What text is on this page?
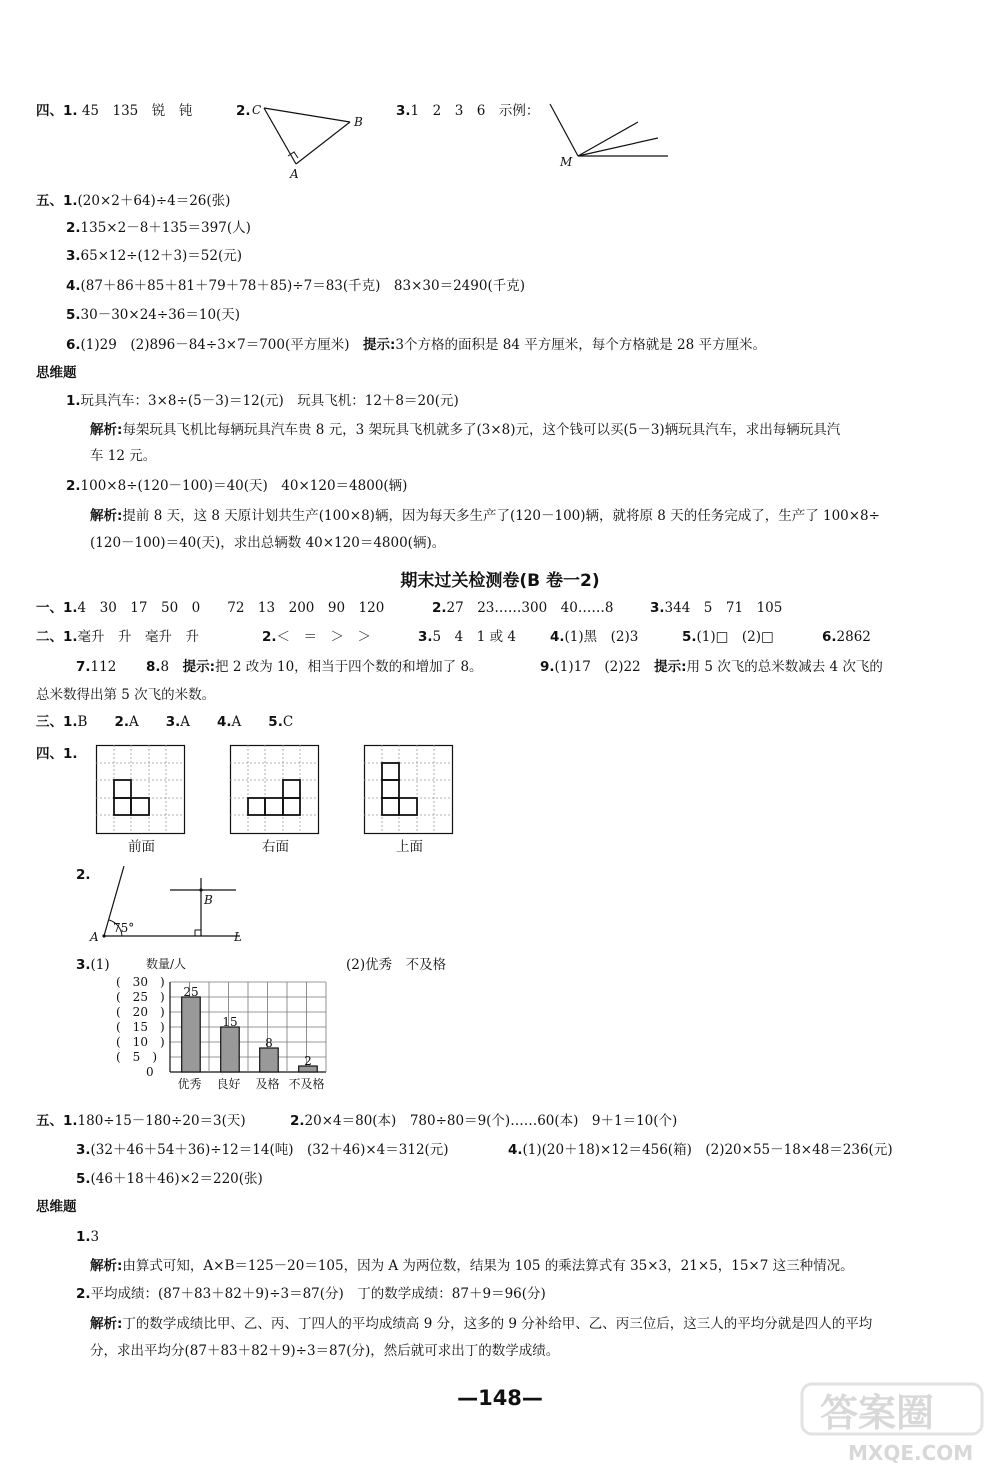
四、1. 45　135　锐　钝	2. C
B
A
3.1　2　3　6　示例：
M
五、1.(20×2＋64)÷4＝26(张)
2.135×2－8＋135＝397(人)
3.65×12÷(12＋3)＝52(元)
4.(87＋86＋85＋81＋79＋78＋85)÷7＝83(千克)　83×30＝2490(千克)
5.30－30×24÷36＝10(天)
6.(1)29　(2)896－84÷3×7＝700(平方厘米)　提示:3个方格的面积是 84 平方厘米，每个方格就是 28 平方厘米。
思维题
1.玩具汽车：3×8÷(5－3)＝12(元)　玩具飞机：12＋8＝20(元)
解析:每架玩具飞机比每辆玩具汽车贵 8 元，3 架玩具飞机就多了(3×8)元，这个钱可以买(5－3)辆玩具汽车，求出每辆玩具汽
车 12 元。
2.100×8÷(120－100)＝40(天)　40×120＝4800(辆)
解析:提前 8 天，这 8 天原计划共生产(100×8)辆，因为每天多生产了(120－100)辆，就将原 8 天的任务完成了，生产了 100×8÷
(120－100)＝40(天)，求出总辆数 40×120＝4800(辆)。
期末过关检测卷(B 卷一2)
一、1.4　30　17　50　0　　72　13　200　90　120	2.27　23……300　40……8	3.344　5　71　105
二、1.毫升　升　毫升　升	2.＜　＝　＞　＞	3.5　4　1 或 4	4.(1)黑　(2)3	5.(1)□　(2)□	6.2862
7.112 8.8　提示:把 2 改为 10，相当于四个数的和增加了 8。	9.(1)17　(2)22　提示:用 5 次飞的总米数减去 4 次飞的
总米数得出第 5 次飞的米数。
三、1.B　　 2.A　　 3.A　　 4.A　　 5.C
四、1.
前面	右面	上面
2.
A
B
L
75°
3.(1)	(2)优秀　不及格
(　30　)
(　25　)
(　20　)
(　15　)
(　10　)
(　5　)
0
优秀 良好 及格 不及格
25
15
8
2
数量/人
五、1.180÷15－180÷20＝3(天)	2.20×4＝80(本)　780÷80＝9(个)……60(本)　9＋1＝10(个)
3.(32＋46＋54＋36)÷12＝14(吨)　(32＋46)×4＝312(元)	4.(1)(20＋18)×12＝456(箱)　(2)20×55－18×48＝236(元)
5.(46＋18＋46)×2＝220(张)
思维题
1.3
解析:由算式可知，A×B＝125－20＝105，因为 A 为两位数，结果为 105 的乘法算式有 35×3，21×5，15×7 这三种情况。
2.平均成绩：(87＋83＋82＋9)÷3＝87(分)　丁的数学成绩：87＋9＝96(分)
解析:丁的数学成绩比甲、乙、丙、丁四人的平均成绩高 9 分，这多的 9 分补给甲、乙、丙三位后，这三人的平均分就是四人的平均
分，求出平均分(87＋83＋82＋9)÷3＝87(分)，然后就可求出丁的数学成绩。
—148—	答案圈
MXQE.COM
